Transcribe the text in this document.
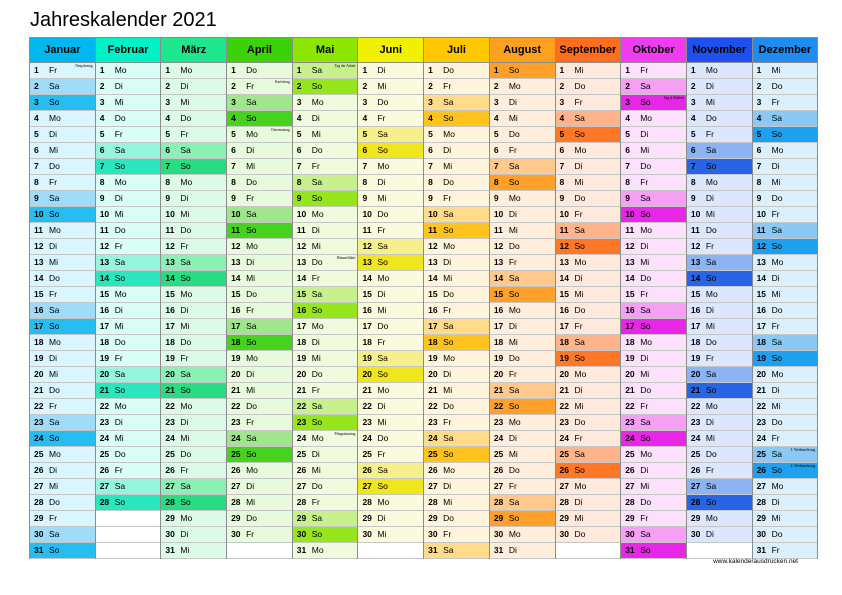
Jahreskalender 2021
Januar
1	Fr	Neujahrstag
2	Sa
3	So
4	Mo
5	Di
6	Mi
7	Do
8	Fr
9	Sa
10 So
11 Mo
12 Di
13 Mi
14 Do
15 Fr
16 Sa
17 So
18 Mo
19 Di
20 Mi
21 Do
22 Fr
23 Sa
24 So
25 Mo
26 Di
27 Mi
28 Do
29 Fr
30 Sa
31 So
Februar
1	Mo
2	Di
3	Mi
4	Do
5	Fr
6	Sa
7	So
8	Mo
9	Di
10 Mi
11 Do
12 Fr
13 Sa
14 So
15 Mo
16 Di
17 Mi
18 Do
19 Fr
20 Sa
21 So
22 Mo
23 Di
24 Mi
25 Do
26 Fr
27 Sa
28 So
März
1	Mo
2	Di
3	Mi
4	Do
5	Fr
6	Sa
7	So
8	Mo
9	Di
10 Mi
11 Do
12 Fr
13 Sa
14 So
15 Mo
16 Di
17 Mi
18 Do
19 Fr
20 Sa
21 So
22 Mo
23 Di
24 Mi
25 Do
26 Fr
27 Sa
28 So
29 Mo
30 Di
31 Mi
April
1	Do
2	Fr	Karfreitag
3	Sa
4	So
5	Mo	Ostermontag
6	Di
7	Mi
8	Do
9	Fr
10 Sa
11 So
12 Mo
13 Di
14 Mi
15 Do
16 Fr
17 Sa
18 So
19 Mo
20 Di
21 Mi
22 Do
23 Fr
24 Sa
25 So
26 Mo
27 Di
28 Mi
29 Do
30 Fr
Mai
1	Sa	Tag der Arbeit
2	So
3	Mo
4	Di
5	Mi
6	Do
7	Fr
8	Sa
9	So
10 Mo
11 Di
12 Mi
13 Do	Himmelfahrt
14 Fr
15 Sa
16 So
17 Mo
18 Di
19 Mi
20 Do
21 Fr
22 Sa
23 So
24 Mo	Pfingstmontag
25 Di
26 Mi
27 Do
28 Fr
29 Sa
30 So
31 Mo
Juni
1	Di
2	Mi
3	Do
4	Fr
5	Sa
6	So
7	Mo
8	Di
9	Mi
10 Do
11 Fr
12 Sa
13 So
14 Mo
15 Di
16 Mi
17 Do
18 Fr
19 Sa
20 So
21 Mo
22 Di
23 Mi
24 Do
25 Fr
26 Sa
27 So
28 Mo
29 Di
30 Mi
Juli
1	Do
2	Fr
3	Sa
4	So
5	Mo
6	Di
7	Mi
8	Do
9	Fr
10 Sa
11 So
12 Mo
13 Di
14 Mi
15 Do
16 Fr
17 Sa
18 So
19 Mo
20 Di
21 Mi
22 Do
23 Fr
24 Sa
25 So
26 Mo
27 Di
28 Mi
29 Do
30 Fr
31 Sa
August
1	So
2	Mo
3	Di
4	Mi
5	Do
6	Fr
7	Sa
8	So
9	Mo
10 Di
11 Mi
12 Do
13 Fr
14 Sa
15 So
16 Mo
17 Di
18 Mi
19 Do
20 Fr
21 Sa
22 So
23 Mo
24 Di
25 Mi
26 Do
27 Fr
28 Sa
29 So
30 Mo
31 Di
September
1	Mi
2	Do
3	Fr
4	Sa
5	So
6	Mo
7	Di
8	Mi
9	Do
10 Fr
11 Sa
12 So
13 Mo
14 Di
15 Mi
16 Do
17 Fr
18 Sa
19 So
20 Mo
21 Di
22 Mi
23 Do
24 Fr
25 Sa
26 So
27 Mo
28 Di
29 Mi
30 Do
Oktober
1	Fr
2	Sa
3	So	Tag d. Einheit
4	Mo
5	Di
6	Mi
7	Do
8	Fr
9	Sa
10 So
11 Mo
12 Di
13 Mi
14 Do
15 Fr
16 Sa
17 So
18 Mo
19 Di
20 Mi
21 Do
22 Fr
23 Sa
24 So
25 Mo
26 Di
27 Mi
28 Do
29 Fr
30 Sa
31 So
November
1	Mo
2	Di
3	Mi
4	Do
5	Fr
6	Sa
7	So
8	Mo
9	Di
10 Mi
11 Do
12 Fr
13 Sa
14 So
15 Mo
16 Di
17 Mi
18 Do
19 Fr
20 Sa
21 So
22 Mo
23 Di
24 Mi
25 Do
26 Fr
27 Sa
28 So
29 Mo
30 Di
Dezember
1	Mi
2	Do
3	Fr
4	Sa
5	So
6	Mo
7	Di
8	Mi
9	Do
10 Fr
11 Sa
12 So
13 Mo
14 Di
15 Mi
16 Do
17 Fr
18 Sa
19 So
20 Mo
21 Di
22 Mi
23 Do
24 Fr
25 Sa 1. Weihnachtstag
26 So 2. Weihnachtstag
27 Mo
28 Di
29 Mi
30 Do
31 Fr
www.kalenderausdrucken.net
